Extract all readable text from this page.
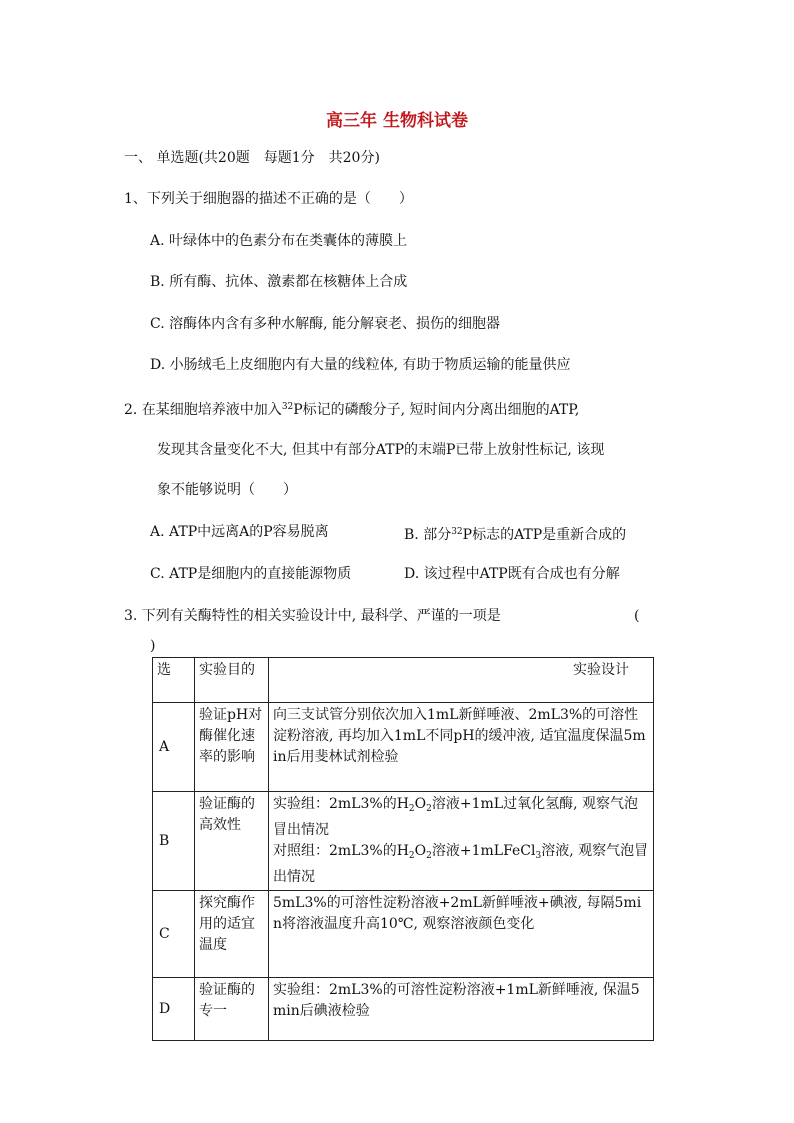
高三年 生物科试卷
一、 单选题(共20题　每题1分　共20分)
1、下列关于细胞器的描述不正确的是（　　）
A. 叶绿体中的色素分布在类囊体的薄膜上
B. 所有酶、抗体、激素都在核糖体上合成
C. 溶酶体内含有多种水解酶, 能分解衰老、损伤的细胞器
D. 小肠绒毛上皮细胞内有大量的线粒体, 有助于物质运输的能量供应
2. 在某细胞培养液中加入$^{32}$P标记的磷酸分子, 短时间内分离出细胞的ATP,
发现其含量变化不大, 但其中有部分ATP的末端P已带上放射性标记, 该现
象不能够说明（　　）
A. ATP中远离A的P容易脱离	B. 部分$^{32}$P标志的ATP是重新合成的
C. ATP是细胞内的直接能源物质	D. 该过程中ATP既有合成也有分解
3. 下列有关酶特性的相关实验设计中, 最科学、严谨的一项是	(
)
选	实验目的	实验设计

A	验证pH对酶催化速率的影响	向三支试管分别依次加入1mL新鲜唾液、2mL3%的可溶性淀粉溶液, 再均加入1mL不同pH的缓冲液, 适宜温度保温5min后用斐林试剂检验
B	验证酶的高效性	实验组：2mL3%的$H_2O_2$溶液+1mL过氧化氢酶, 观察气泡冒出情况
对照组：2mL3%的$H_2O_2$溶液+1mLFeCl$_3$溶液, 观察气泡冒出情况

C	探究酶作用的适宜温度	5mL3%的可溶性淀粉溶液+2mL新鲜唾液+碘液, 每隔5min将溶液温度升高10℃, 观察溶液颜色变化
D	验证酶的专一	实验组：2mL3%的可溶性淀粉溶液+1mL新鲜唾液, 保温5min后碘液检验
